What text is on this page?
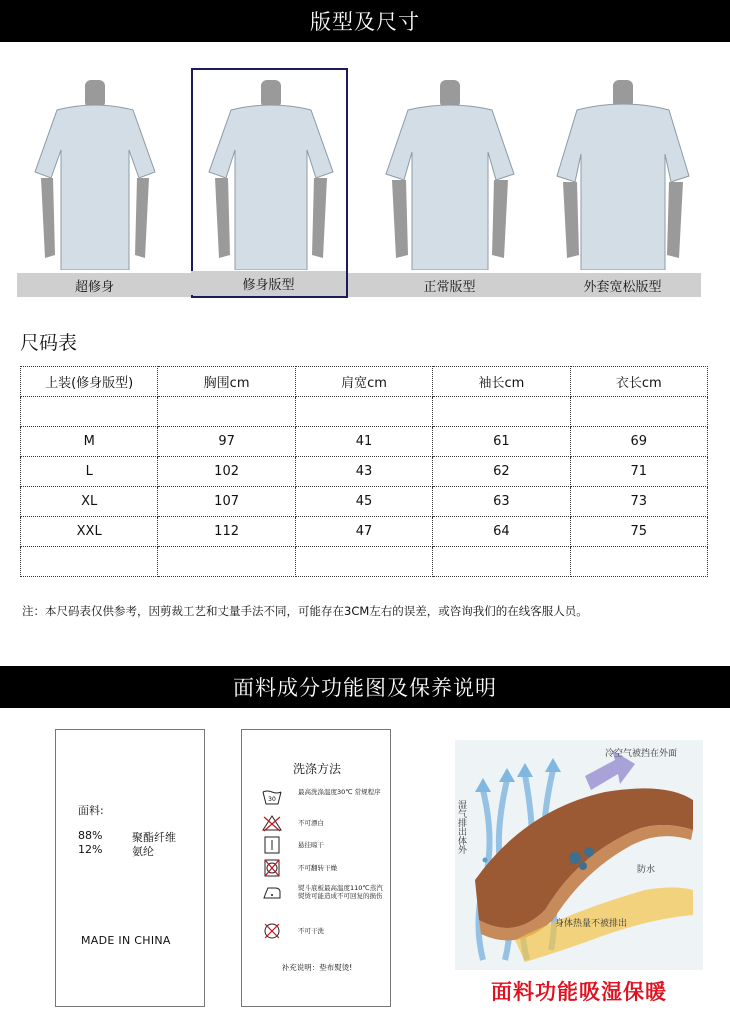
版型及尺寸
超修身	修身版型	正常版型	外套宽松版型
尺码表
上装(修身版型)	胸围cm	肩宽cm	袖长cm	衣长cm

M	97	41	61	69
L	102	43	62	71
XL	107	45	63	73
XXL	112	47	64	75

注：本尺码表仅供参考，因剪裁工艺和丈量手法不同，可能存在3CM左右的误差，或咨询我们的在线客服人员。
面料成分功能图及保养说明
面料:
88%	聚酯纤维
12%	氨纶
MADE IN CHINA
洗涤方法
30
最高洗涤温度30℃ 常规程序
不可漂白
悬挂晾干
不可翻转干燥
熨斗底板最高温度110℃蒸汽熨烫可能造成不可回复的损伤
不可干洗
补充说明：垫布熨烫!
冷空气被挡在外面
湿气排出体外
防水
身体热量不被排出
面料功能吸湿保暖
